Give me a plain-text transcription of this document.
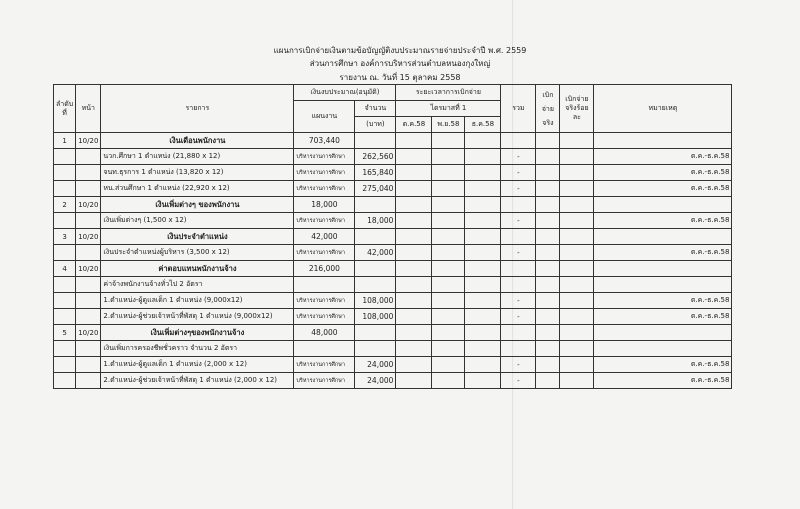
แผนการเบิกจ่ายเงินตามข้อบัญญัติงบประมาณรายจ่ายประจำปี พ.ศ. 2559
ส่วนการศึกษา องค์การบริหารส่วนตำบลหนองกุงใหญ่
รายงาน ณ. วันที่ 15 ตุลาคม 2558
ลำดับที่	หน้า	รายการ	เงินงบประมาณ(อนุมัติ)		ระยะเวลาการเบิกจ่าย			รวม	เบิกจ่ายจริง	เบิกจ่ายจริงร้อยละ	หมายเหตุ
			แผนงาน	จำนวน	ไตรมาสที่ 1						
				(บาท)	ต.ค.58	พ.ย.58	ธ.ค.58				
1	10/20	เงินเดือนพนักงาน	703,440								
		นวก.ศึกษา 1 ตำแหน่ง (21,880 x 12)	บริหารงานการศึกษา	262,560				-			ต.ค.-ธ.ค.58
		จนท.ธุรการ 1 ตำแหน่ง (13,820 x 12)	บริหารงานการศึกษา	165,840				-			ต.ค.-ธ.ค.58
		หน.ส่วนศึกษา 1 ตำแหน่ง (22,920 x 12)	บริหารงานการศึกษา	275,040				-			ต.ค.-ธ.ค.58
2	10/20	เงินเพิ่มต่างๆ ของพนักงาน	18,000								
		เงินเพิ่มต่างๆ (1,500 x 12)	บริหารงานการศึกษา	18,000				-			ต.ค.-ธ.ค.58
3	10/20	เงินประจำตำแหน่ง	42,000								
		เงินประจำตำแหน่งผู้บริหาร (3,500 x 12)	บริหารงานการศึกษา	42,000				-			ต.ค.-ธ.ค.58
4	10/20	ค่าตอบแทนพนักงานจ้าง	216,000								
		ค่าจ้างพนักงานจ้างทั่วไป 2 อัตรา									
		1.ตำแหน่ง-ผู้ดูแลเด็ก 1 ตำแหน่ง (9,000x12)	บริหารงานการศึกษา	108,000				-			ต.ค.-ธ.ค.58
		2.ตำแหน่ง-ผู้ช่วยเจ้าหน้าที่พัสดุ 1 ตำแหน่ง (9,000x12)	บริหารงานการศึกษา	108,000				-			ต.ค.-ธ.ค.58
5	10/20	เงินเพิ่มต่างๆของพนักงานจ้าง	48,000								
		เงินเพิ่มการครองชีพชั่วคราว จำนวน 2 อัตรา									
		1.ตำแหน่ง-ผู้ดูแลเด็ก 1 ตำแหน่ง (2,000 x 12)	บริหารงานการศึกษา	24,000				-			ต.ค.-ธ.ค.58
		2.ตำแหน่ง-ผู้ช่วยเจ้าหน้าที่พัสดุ 1 ตำแหน่ง (2,000 x 12)	บริหารงานการศึกษา	24,000				-			ต.ค.-ธ.ค.58
